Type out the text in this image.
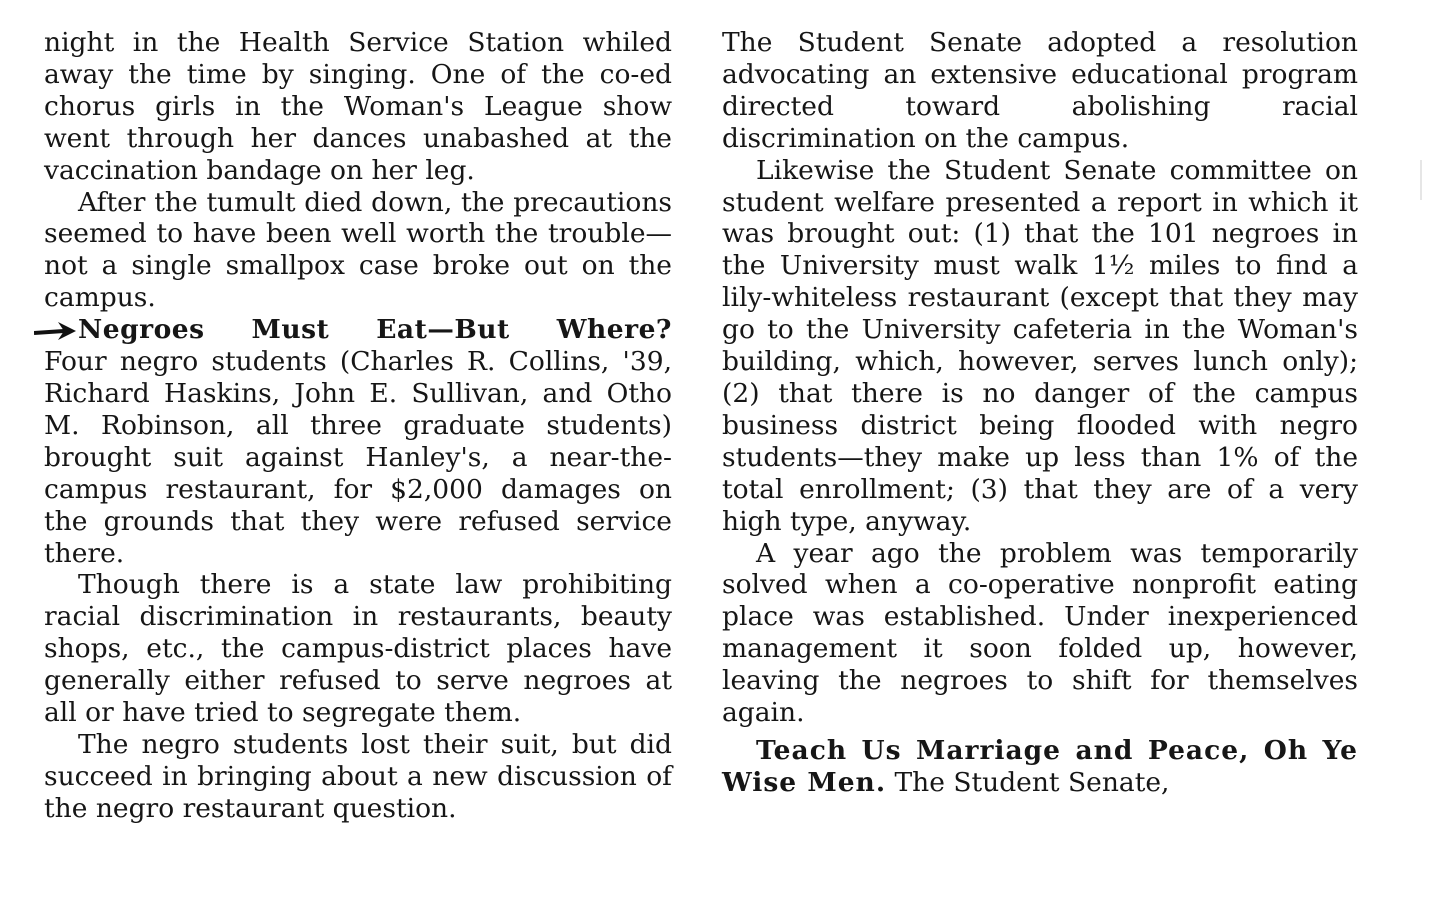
night in the Health Service Station whiled away the time by singing. One of the co-ed chorus girls in the Woman's League show went through her dances unabashed at the vaccination bandage on her leg.

After the tumult died down, the precautions seemed to have been well worth the trouble—not a single smallpox case broke out on the campus.

Negroes Must Eat—But Where?

Four negro students (Charles R. Collins, '39, Richard Haskins, John E. Sullivan, and Otho M. Robinson, all three graduate students) brought suit against Hanley's, a near-the-campus restaurant, for $2,000 damages on the grounds that they were refused service there.

Though there is a state law prohibiting racial discrimination in restaurants, beauty shops, etc., the campus-district places have generally either refused to serve negroes at all or have tried to segregate them.

The negro students lost their suit, but did succeed in bringing about a new discussion of the negro restaurant question.

The Student Senate adopted a resolution advocating an extensive educational program directed toward abolishing racial discrimination on the campus.

Likewise the Student Senate committee on student welfare presented a report in which it was brought out: (1) that the 101 negroes in the University must walk 1½ miles to find a lily-whiteless restaurant (except that they may go to the University cafeteria in the Woman's building, which, however, serves lunch only); (2) that there is no danger of the campus business district being flooded with negro students—they make up less than 1% of the total enrollment; (3) that they are of a very high type, anyway.

A year ago the problem was temporarily solved when a co-operative nonprofit eating place was established. Under inexperienced management it soon folded up, however, leaving the negroes to shift for themselves again.

Teach Us Marriage and Peace, Oh Ye Wise Men. The Student Senate,
